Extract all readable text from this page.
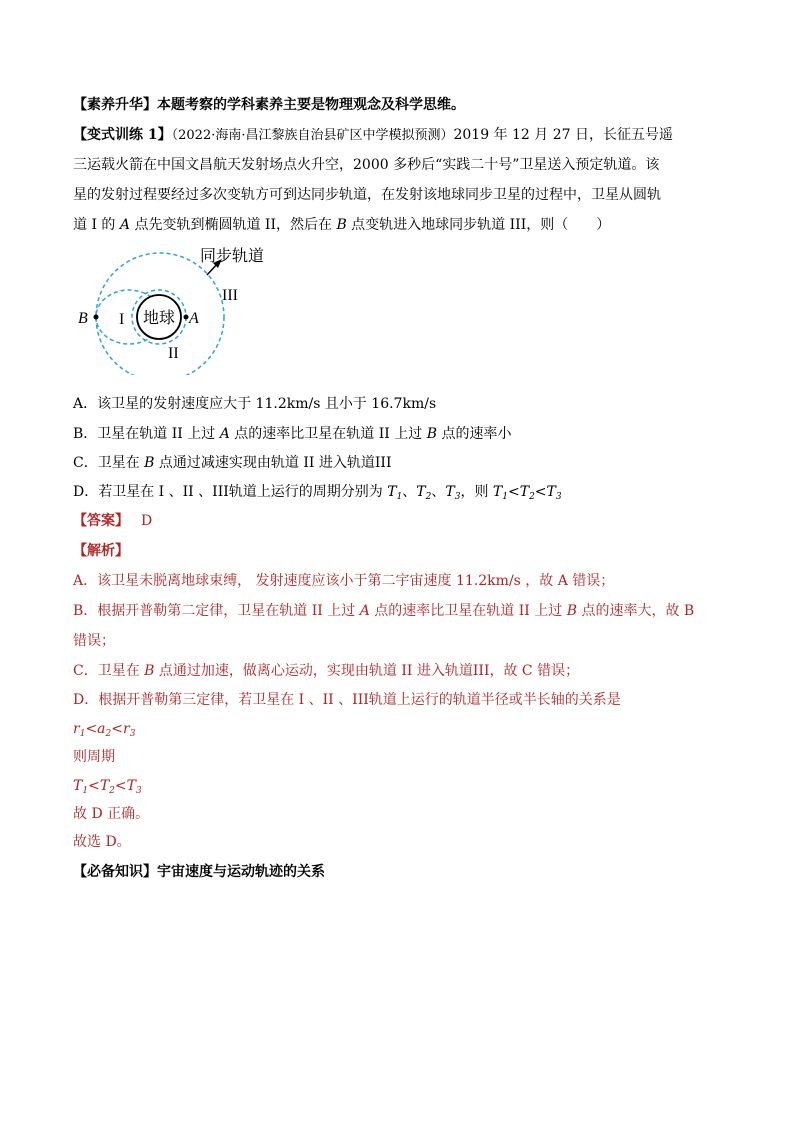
【素养升华】本题考察的学科素养主要是物理观念及科学思维。
【变式训练 1】（2022·海南·昌江黎族自治县矿区中学模拟预测）2019 年 12 月 27 日，长征五号遥
三运载火箭在中国文昌航天发射场点火升空，2000 多秒后“实践二十号”卫星送入预定轨道。该
星的发射过程要经过多次变轨方可到达同步轨道，在发射该地球同步卫星的过程中，卫星从圆轨
道 I 的 A 点先变轨到椭圆轨道 II，然后在 B 点变轨进入地球同步轨道 III，则（　　）
地球
B	A
I
II
III
同步轨道
A．该卫星的发射速度应大于 11.2km/s 且小于 16.7km/s
B．卫星在轨道 II 上过 A 点的速率比卫星在轨道 II 上过 B 点的速率小
C．卫星在 B 点通过减速实现由轨道 II 进入轨道III
D．若卫星在 I 、II 、III轨道上运行的周期分别为 $T_1$、$T_2$、$T_3$，则 $T_1<T_2<T_3$
【答案】 D
【解析】
A．该卫星未脱离地球束缚， 发射速度应该小于第二宇宙速度 11.2km/s ，故 A 错误；
B．根据开普勒第二定律，卫星在轨道 II 上过 A 点的速率比卫星在轨道 II 上过 B 点的速率大，故 B
错误；
C．卫星在 B 点通过加速，做离心运动，实现由轨道 II 进入轨道III，故 C 错误；
D．根据开普勒第三定律，若卫星在 I 、II 、III轨道上运行的轨道半径或半长轴的关系是
$r_1<a_2<r_3$
则周期
$T_1<T_2<T_3$
故 D 正确。
故选 D。
【必备知识】宇宙速度与运动轨迹的关系
